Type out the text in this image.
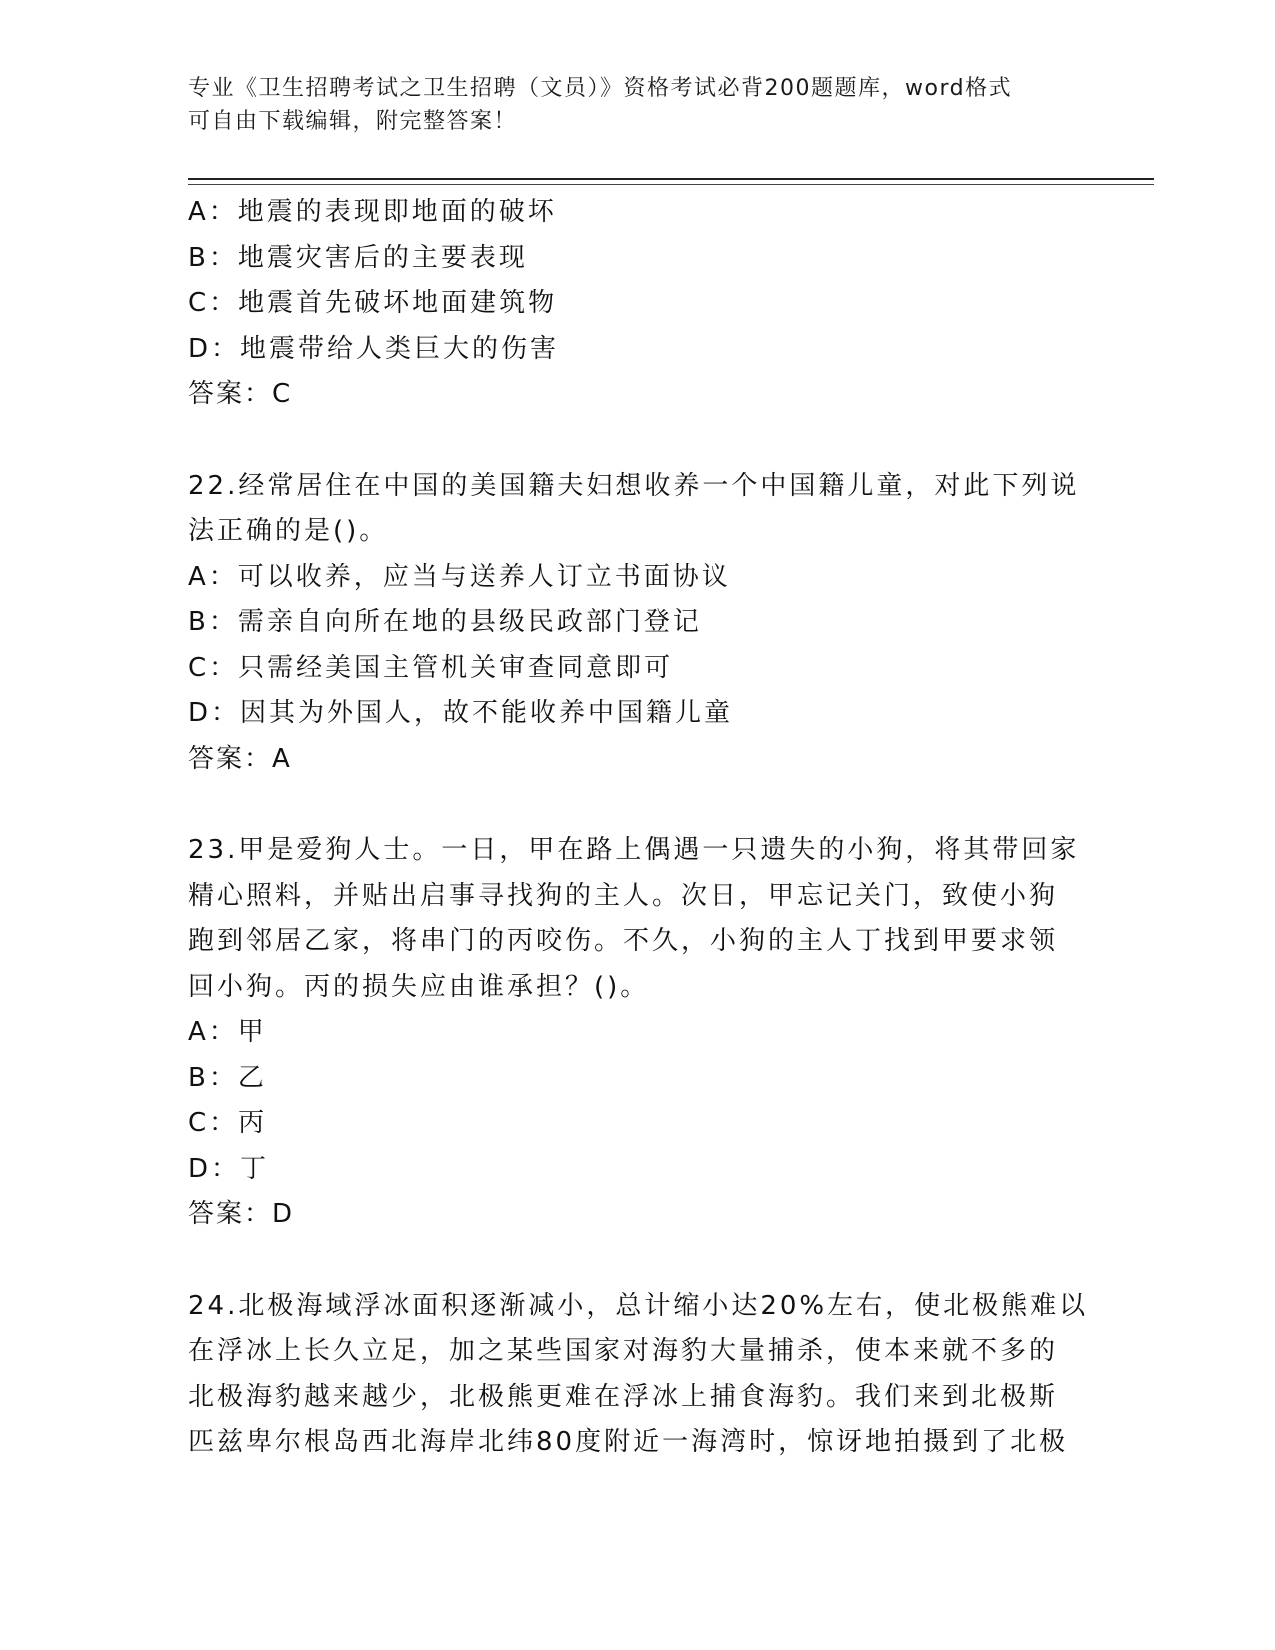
专业《卫生招聘考试之卫生招聘（文员）》资格考试必背200题题库，word格式
可自由下载编辑，附完整答案！
A：地震的表现即地面的破坏
B：地震灾害后的主要表现
C：地震首先破坏地面建筑物
D：地震带给人类巨大的伤害
答案：C
22.经常居住在中国的美国籍夫妇想收养一个中国籍儿童，对此下列说
法正确的是()。
A：可以收养，应当与送养人订立书面协议
B：需亲自向所在地的县级民政部门登记
C：只需经美国主管机关审查同意即可
D：因其为外国人，故不能收养中国籍儿童
答案：A
23.甲是爱狗人士。一日，甲在路上偶遇一只遗失的小狗，将其带回家
精心照料，并贴出启事寻找狗的主人。次日，甲忘记关门，致使小狗
跑到邻居乙家，将串门的丙咬伤。不久，小狗的主人丁找到甲要求领
回小狗。丙的损失应由谁承担？()。
A：甲
B：乙
C：丙
D：丁
答案：D
24.北极海域浮冰面积逐渐减小，总计缩小达20%左右，使北极熊难以
在浮冰上长久立足，加之某些国家对海豹大量捕杀，使本来就不多的
北极海豹越来越少，北极熊更难在浮冰上捕食海豹。我们来到北极斯
匹兹卑尔根岛西北海岸北纬80度附近一海湾时，惊讶地拍摄到了北极
